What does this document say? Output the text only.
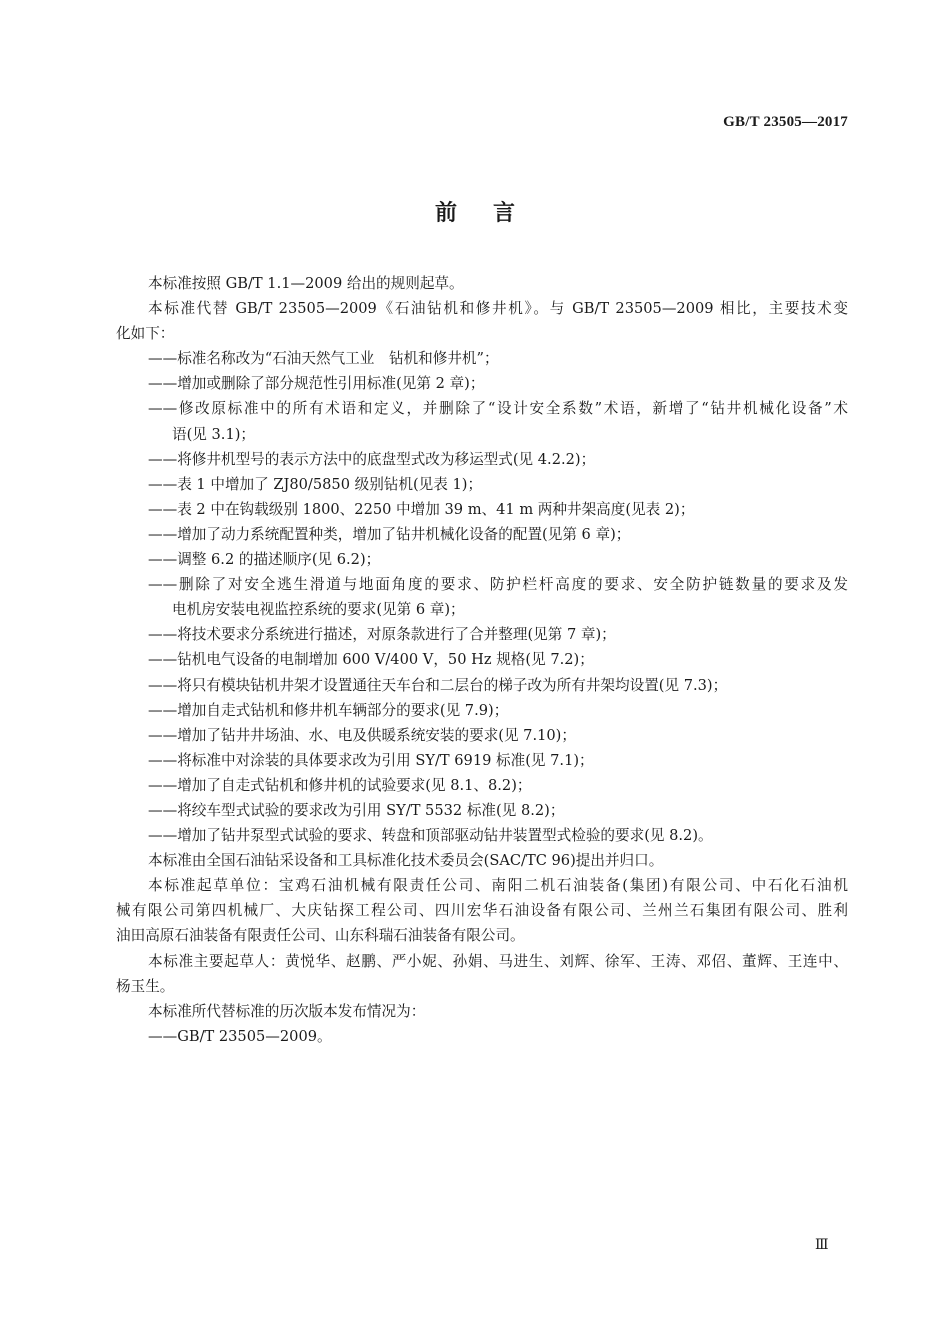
GB/T 23505—2017
前言
本标准按照 GB/T 1.1—2009 给出的规则起草。
本标准代替 GB/T 23505—2009《石油钻机和修井机》。与 GB/T 23505—2009 相比，主要技术变
化如下：
——标准名称改为“石油天然气工业　钻机和修井机”；
——增加或删除了部分规范性引用标准(见第 2 章)；
——修改原标准中的所有术语和定义，并删除了“设计安全系数”术语，新增了“钻井机械化设备”术
语(见 3.1)；
——将修井机型号的表示方法中的底盘型式改为移运型式(见 4.2.2)；
——表 1 中增加了 ZJ80/5850 级别钻机(见表 1)；
——表 2 中在钩载级别 1800、2250 中增加 39 m、41 m 两种井架高度(见表 2)；
——增加了动力系统配置种类，增加了钻井机械化设备的配置(见第 6 章)；
——调整 6.2 的描述顺序(见 6.2)；
——删除了对安全逃生滑道与地面角度的要求、防护栏杆高度的要求、安全防护链数量的要求及发
电机房安装电视监控系统的要求(见第 6 章)；
——将技术要求分系统进行描述，对原条款进行了合并整理(见第 7 章)；
——钻机电气设备的电制增加 600 V/400 V，50 Hz 规格(见 7.2)；
——将只有模块钻机井架才设置通往天车台和二层台的梯子改为所有井架均设置(见 7.3)；
——增加自走式钻机和修井机车辆部分的要求(见 7.9)；
——增加了钻井井场油、水、电及供暖系统安装的要求(见 7.10)；
——将标准中对涂装的具体要求改为引用 SY/T 6919 标准(见 7.1)；
——增加了自走式钻机和修井机的试验要求(见 8.1、8.2)；
——将绞车型式试验的要求改为引用 SY/T 5532 标准(见 8.2)；
——增加了钻井泵型式试验的要求、转盘和顶部驱动钻井装置型式检验的要求(见 8.2)。
本标准由全国石油钻采设备和工具标准化技术委员会(SAC/TC 96)提出并归口。
本标准起草单位：宝鸡石油机械有限责任公司、南阳二机石油装备(集团)有限公司、中石化石油机
械有限公司第四机械厂、大庆钻探工程公司、四川宏华石油设备有限公司、兰州兰石集团有限公司、胜利
油田高原石油装备有限责任公司、山东科瑞石油装备有限公司。
本标准主要起草人：黄悦华、赵鹏、严小妮、孙娟、马进生、刘辉、徐军、王涛、邓佋、董辉、王连中、
杨玉生。
本标准所代替标准的历次版本发布情况为：
——GB/T 23505—2009。
Ⅲ
